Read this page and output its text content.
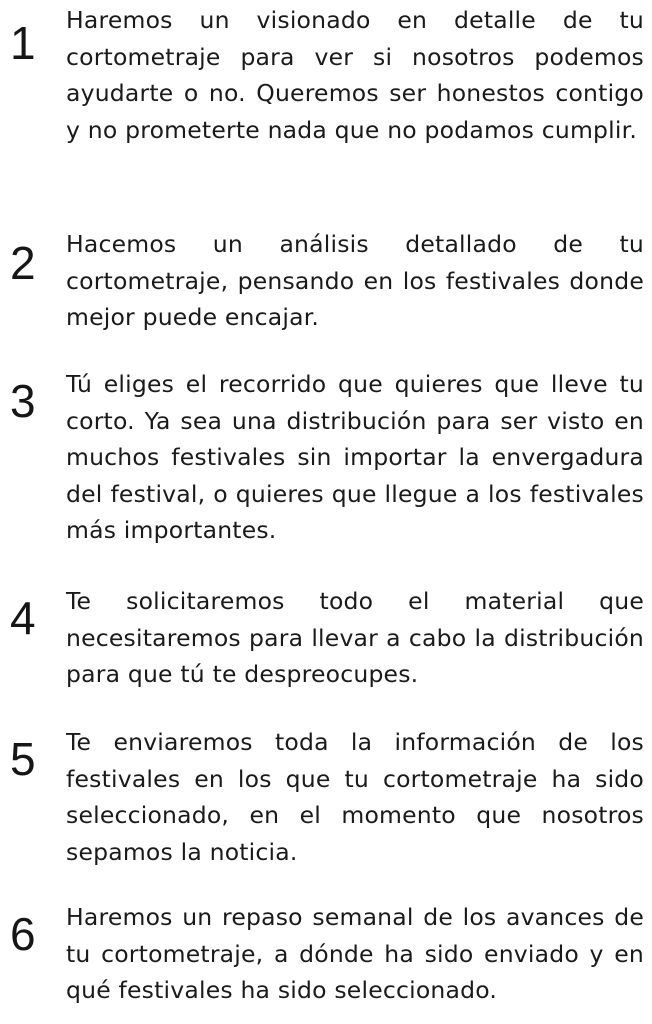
1	Haremos un visionado en detalle de tu cortometraje para ver si nosotros podemos ayudarte o no. Queremos ser honestos contigo y no prometerte nada que no podamos cumplir.

2	Hacemos un análisis detallado de tu cortometraje, pensando en los festivales donde mejor puede encajar.

3	Tú eliges el recorrido que quieres que lleve tu corto. Ya sea una distribución para ser visto en muchos festivales sin importar la envergadura del festival, o quieres que llegue a los festivales más importantes.

4	Te solicitaremos todo el material que necesitaremos para llevar a cabo la distribución para que tú te despreocupes.

5	Te enviaremos toda la información de los festivales en los que tu cortometraje ha sido seleccionado, en el momento que nosotros sepamos la noticia.

6	Haremos un repaso semanal de los avances de tu cortometraje, a dónde ha sido enviado y en qué festivales ha sido seleccionado.
